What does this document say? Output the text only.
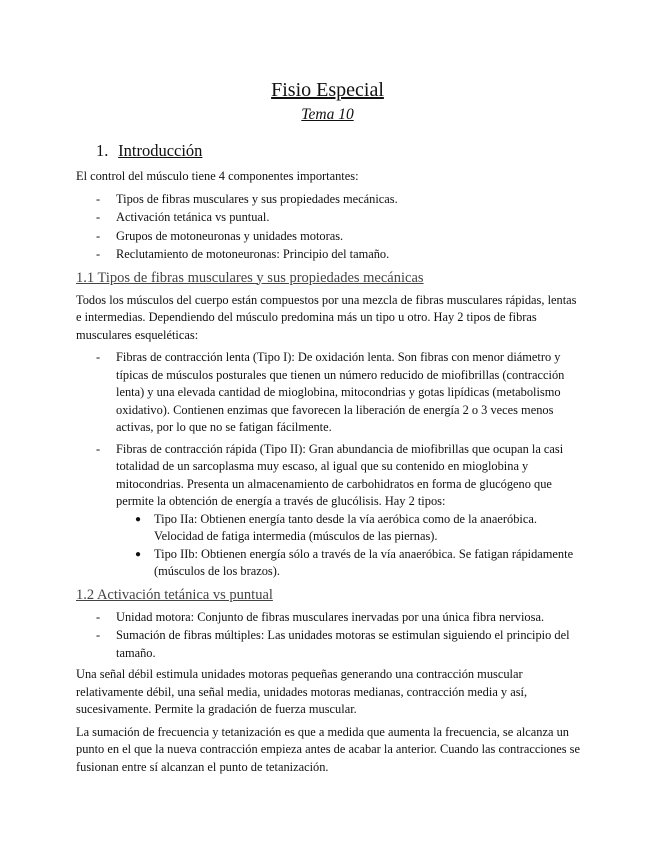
Fisio Especial
Tema 10
1. Introducción

El control del músculo tiene 4 componentes importantes:

- Tipos de fibras musculares y sus propiedades mecánicas.
- Activación tetánica vs puntual.
- Grupos de motoneuronas y unidades motoras.
- Reclutamiento de motoneuronas: Principio del tamaño.
1.1 Tipos de fibras musculares y sus propiedades mecánicas

Todos los músculos del cuerpo están compuestos por una mezcla de fibras musculares rápidas, lentas e intermedias. Dependiendo del músculo predomina más un tipo u otro. Hay 2 tipos de fibras musculares esqueléticas:

- Fibras de contracción lenta (Tipo I): De oxidación lenta. Son fibras con menor diámetro y típicas de músculos posturales que tienen un número reducido de miofibrillas (contracción lenta) y una elevada cantidad de mioglobina, mitocondrias y gotas lipídicas (metabolismo oxidativo). Contienen enzimas que favorecen la liberación de energía 2 o 3 veces menos activas, por lo que no se fatigan fácilmente.
- Fibras de contracción rápida (Tipo II): Gran abundancia de miofibrillas que ocupan la casi totalidad de un sarcoplasma muy escaso, al igual que su contenido en mioglobina y mitocondrias. Presenta un almacenamiento de carbohidratos en forma de glucógeno que permite la obtención de energía a través de glucólisis. Hay 2 tipos:
● Tipo IIa: Obtienen energía tanto desde la vía aeróbica como de la anaeróbica. Velocidad de fatiga intermedia (músculos de las piernas).
● Tipo IIb: Obtienen energía sólo a través de la vía anaeróbica. Se fatigan rápidamente (músculos de los brazos).
1.2 Activación tetánica vs puntual
- Unidad motora: Conjunto de fibras musculares inervadas por una única fibra nerviosa.
- Sumación de fibras múltiples: Las unidades motoras se estimulan siguiendo el principio del tamaño.

Una señal débil estimula unidades motoras pequeñas generando una contracción muscular relativamente débil, una señal media, unidades motoras medianas, contracción media y así, sucesivamente. Permite la gradación de fuerza muscular.

La sumación de frecuencia y tetanización es que a medida que aumenta la frecuencia, se alcanza un punto en el que la nueva contracción empieza antes de acabar la anterior. Cuando las contracciones se fusionan entre sí alcanzan el punto de tetanización.
